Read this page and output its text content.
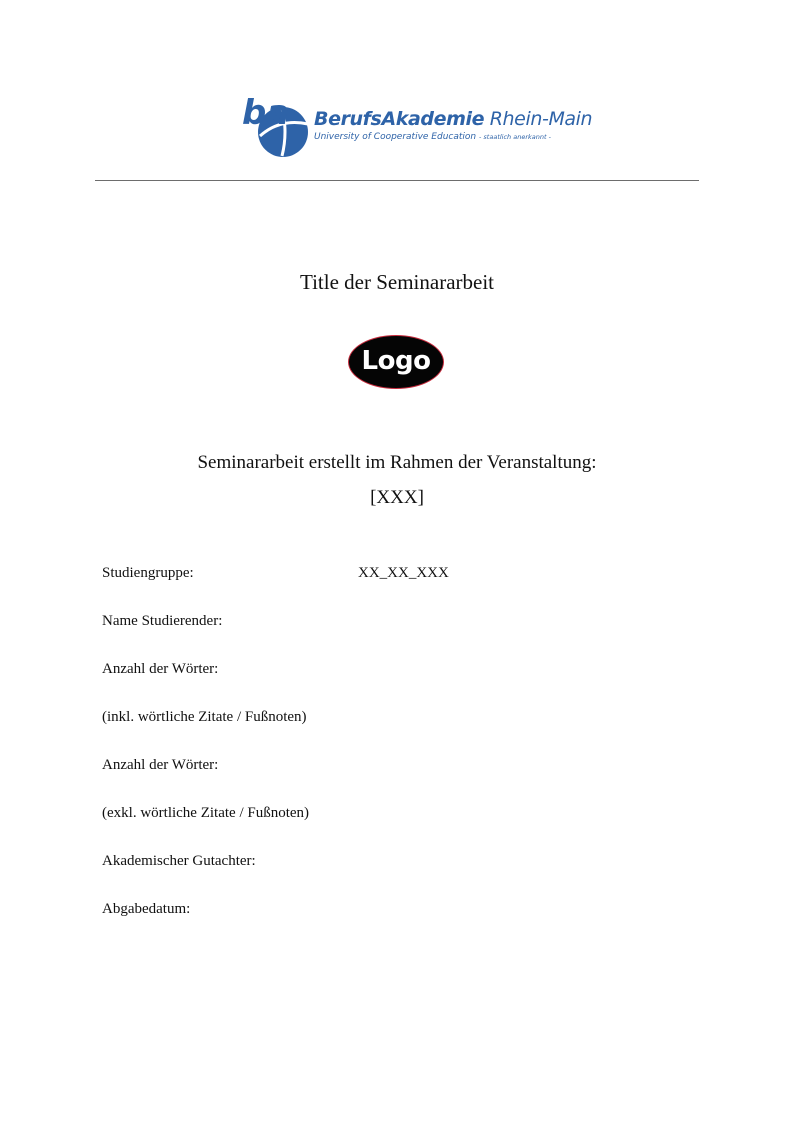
ba BerufsAkademie Rhein-Main
University of Cooperative Education - staatlich anerkannt -
Title der Seminararbeit
Logo
Seminararbeit erstellt im Rahmen der Veranstaltung:
[XXX]
Studiengruppe:	XX_XX_XXX
Name Studierender:
Anzahl der Wörter:
(inkl. wörtliche Zitate / Fußnoten)
Anzahl der Wörter:
(exkl. wörtliche Zitate / Fußnoten)
Akademischer Gutachter:
Abgabedatum:
